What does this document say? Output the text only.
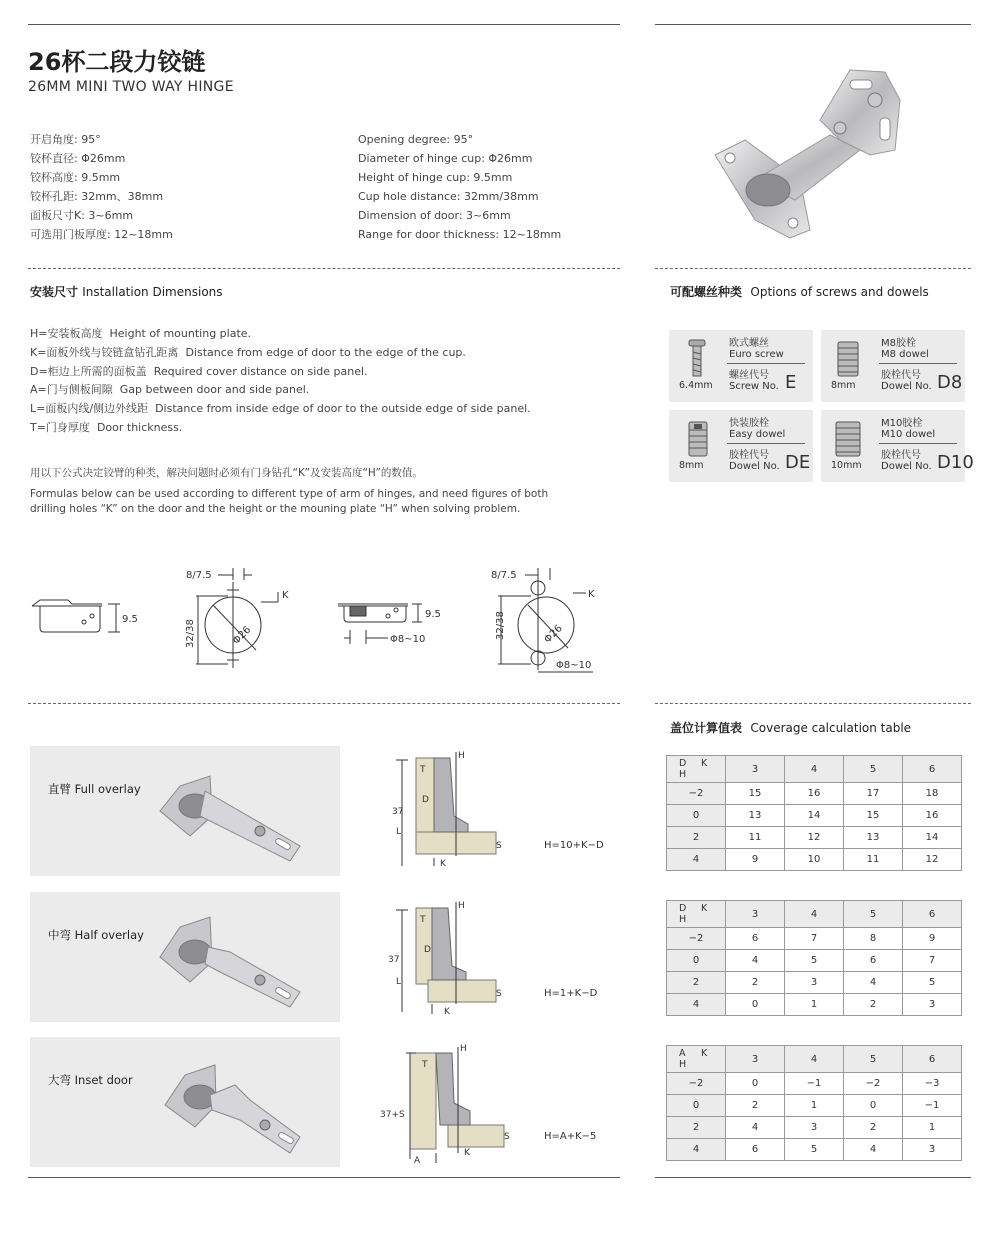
26杯二段力铰链
26MM MINI TWO WAY HINGE
开启角度: 95°
铰杯直径: Φ26mm
铰杯高度: 9.5mm
铰杯孔距: 32mm、38mm
面板尺寸K: 3~6mm
可选用门板厚度: 12~18mm
Opening degree: 95°
Diameter of hinge cup: Φ26mm
Height of hinge cup: 9.5mm
Cup hole distance: 32mm/38mm
Dimension of door: 3~6mm
Range for door thickness: 12~18mm
安装尺寸 Installation Dimensions
H=安装板高度 Height of mounting plate.
K=面板外线与铰链盒钻孔距离 Distance from edge of door to the edge of the cup.
D=柜边上所需的面板盖 Required cover distance on side panel.
A=门与侧板间隙 Gap between door and side panel.
L=面板内线/侧边外线距 Distance from inside edge of door to the outside edge of side panel.
T=门身厚度 Door thickness.
用以下公式决定铰臂的种类，解决问题时必须有门身钻孔“K”及安装高度“H”的数值。
Formulas below can be used according to different type of arm of hinges, and need figures of both drilling holes “K” on the door and the height or the mouning plate “H” when solving problem.
9.5
8/7.5
K
Φ26
32/38
9.5
Φ8~10
8/7.5
K
Φ26
32/38
Φ8~10
可配螺丝种类 Options of screws and dowels
6.4mm
欧式螺丝
Euro screw
螺丝代号
Screw No. E	8mm
M8胶栓
M8 dowel
胶栓代号
Dowel No. D8
8mm
快装胶栓
Easy dowel
胶栓代号
Dowel No. DE 10mm
M10胶栓
M10 dowel
胶栓代号
Dowel No. D10
盖位计算值表 Coverage calculation table
直臂 Full overlay
中弯 Half overlay
大弯 Inset door
H
T
D
37
L
S
K
H=10+K−D
H
T
D
37
L
S
K
H=1+K−D
H
T
37+S
S
K
A
H=A+K−5
D K
H	3	4	5	6
−2	15	16	17	18
0	13	14	15	16
2	11	12	13	14
4	9	10	11	12
D K
H	3	4	5	6
−2	6	7	8	9
0	4	5	6	7
2	2	3	4	5
4	0	1	2	3
A K
H	3	4	5	6
−2	0	−1	−2	−3
0	2	1	0	−1
2	4	3	2	1
4	6	5	4	3
